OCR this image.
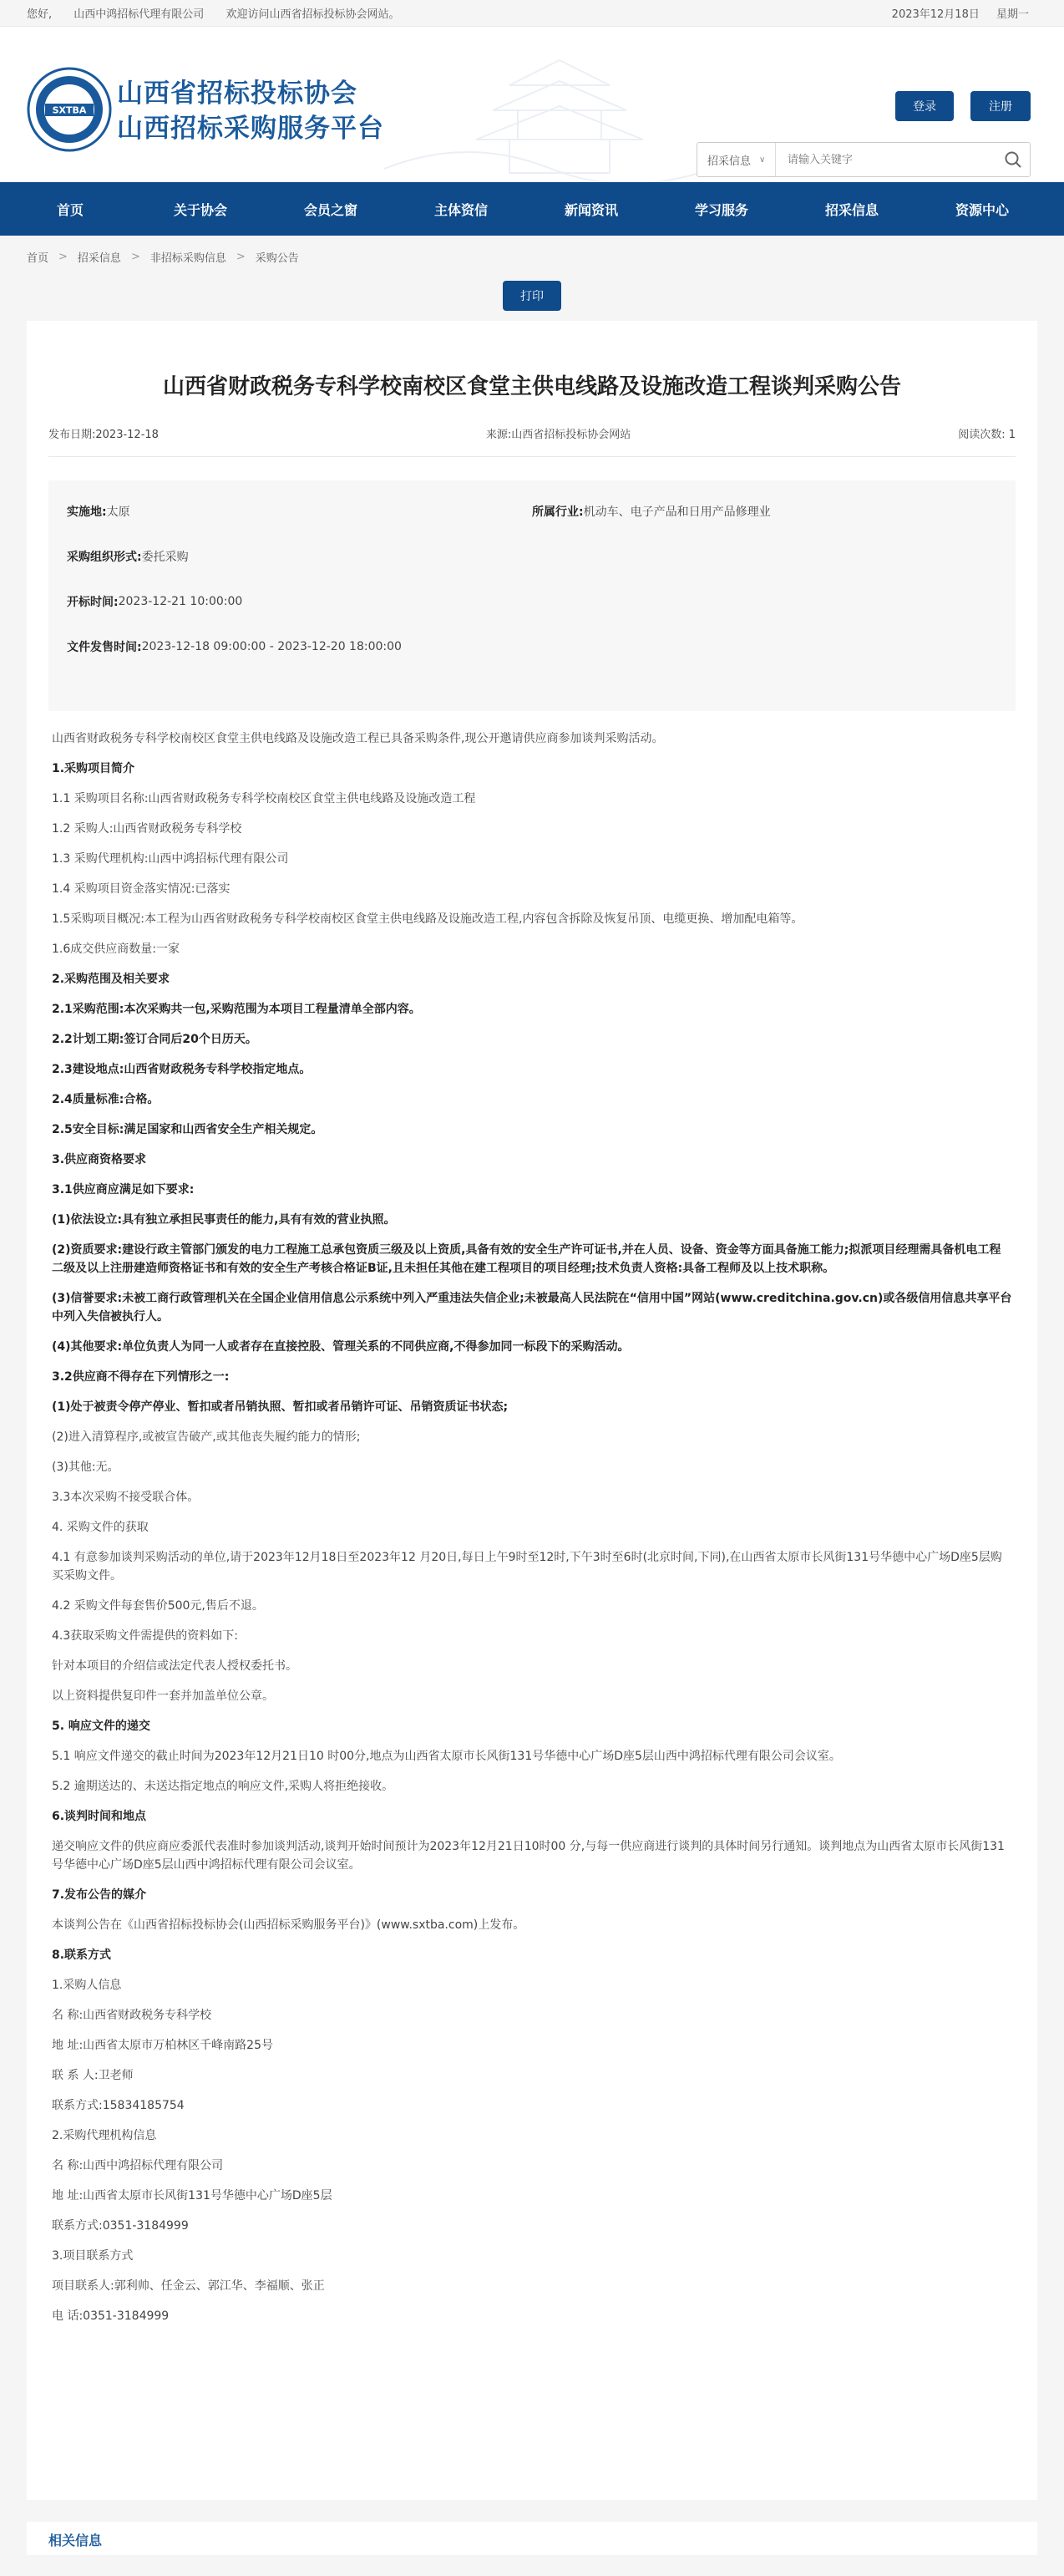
您好, 山西中鸿招标代理有限公司 欢迎访问山西省招标投标协会网站。	2023年12月18日 星期一
SXTBA
山西省招标投标协会
山西招标采购服务平台
登录	注册
招采信息 ∨
请输入关键字
首页	关于协会	会员之窗	主体资信	新闻资讯	学习服务	招采信息	资源中心
首页 > 招采信息 > 非招标采购信息 > 采购公告
打印
山西省财政税务专科学校南校区食堂主供电线路及设施改造工程谈判采购公告
发布日期:2023-12-18	来源:山西省招标投标协会网站	阅读次数: 1
实施地: 太原	所属行业: 机动车、电子产品和日用产品修理业
采购组织形式: 委托采购
开标时间: 2023-12-21 10:00:00
文件发售时间: 2023-12-18 09:00:00 - 2023-12-20 18:00:00

山西省财政税务专科学校南校区食堂主供电线路及设施改造工程已具备采购条件,现公开邀请供应商参加谈判采购活动。

1.采购项目简介

1.1 采购项目名称:山西省财政税务专科学校南校区食堂主供电线路及设施改造工程

1.2 采购人:山西省财政税务专科学校

1.3 采购代理机构:山西中鸿招标代理有限公司

1.4 采购项目资金落实情况:已落实

1.5采购项目概况:本工程为山西省财政税务专科学校南校区食堂主供电线路及设施改造工程,内容包含拆除及恢复吊顶、电缆更换、增加配电箱等。

1.6成交供应商数量:一家

2.采购范围及相关要求

2.1采购范围:本次采购共一包,采购范围为本项目工程量清单全部内容。

2.2计划工期:签订合同后20个日历天。

2.3建设地点:山西省财政税务专科学校指定地点。

2.4质量标准:合格。

2.5安全目标:满足国家和山西省安全生产相关规定。

3.供应商资格要求

3.1供应商应满足如下要求:

(1)依法设立:具有独立承担民事责任的能力,具有有效的营业执照。

(2)资质要求:建设行政主管部门颁发的电力工程施工总承包资质三级及以上资质,具备有效的安全生产许可证书,并在人员、设备、资金等方面具备施工能力;拟派项目经理需具备机电工程二级及以上注册建造师资格证书和有效的安全生产考核合格证B证,且未担任其他在建工程项目的项目经理;技术负责人资格:具备工程师及以上技术职称。

(3)信誉要求:未被工商行政管理机关在全国企业信用信息公示系统中列入严重违法失信企业;未被最高人民法院在“信用中国”网站(www.creditchina.gov.cn)或各级信用信息共享平台中列入失信被执行人。

(4)其他要求:单位负责人为同一人或者存在直接控股、管理关系的不同供应商,不得参加同一标段下的采购活动。

3.2供应商不得存在下列情形之一:

(1)处于被责令停产停业、暂扣或者吊销执照、暂扣或者吊销许可证、吊销资质证书状态;

(2)进入清算程序,或被宣告破产,或其他丧失履约能力的情形;

(3)其他:无。

3.3本次采购不接受联合体。

4. 采购文件的获取

4.1 有意参加谈判采购活动的单位,请于2023年12月18日至2023年12 月20日,每日上午9时至12时,下午3时至6时(北京时间,下同),在山西省太原市长风街131号华德中心广场D座5层购买采购文件。

4.2 采购文件每套售价500元,售后不退。

4.3获取采购文件需提供的资料如下:

针对本项目的介绍信或法定代表人授权委托书。

以上资料提供复印件一套并加盖单位公章。

5. 响应文件的递交

5.1 响应文件递交的截止时间为2023年12月21日10 时00分,地点为山西省太原市长风街131号华德中心广场D座5层山西中鸿招标代理有限公司会议室。

5.2 逾期送达的、未送达指定地点的响应文件,采购人将拒绝接收。

6.谈判时间和地点

递交响应文件的供应商应委派代表准时参加谈判活动,谈判开始时间预计为2023年12月21日10时00 分,与每一供应商进行谈判的具体时间另行通知。谈判地点为山西省太原市长风街131号华德中心广场D座5层山西中鸿招标代理有限公司会议室。

7.发布公告的媒介

本谈判公告在《山西省招标投标协会(山西招标采购服务平台)》(www.sxtba.com)上发布。

8.联系方式

1.采购人信息

名 称:山西省财政税务专科学校

地 址:山西省太原市万柏林区千峰南路25号

联 系 人:卫老师

联系方式:15834185754

2.采购代理机构信息

名 称:山西中鸿招标代理有限公司

地 址:山西省太原市长风街131号华德中心广场D座5层

联系方式:0351-3184999

3.项目联系方式

项目联系人:郭利帅、任金云、郭江华、李福顺、张正

电 话:0351-3184999

相关信息
